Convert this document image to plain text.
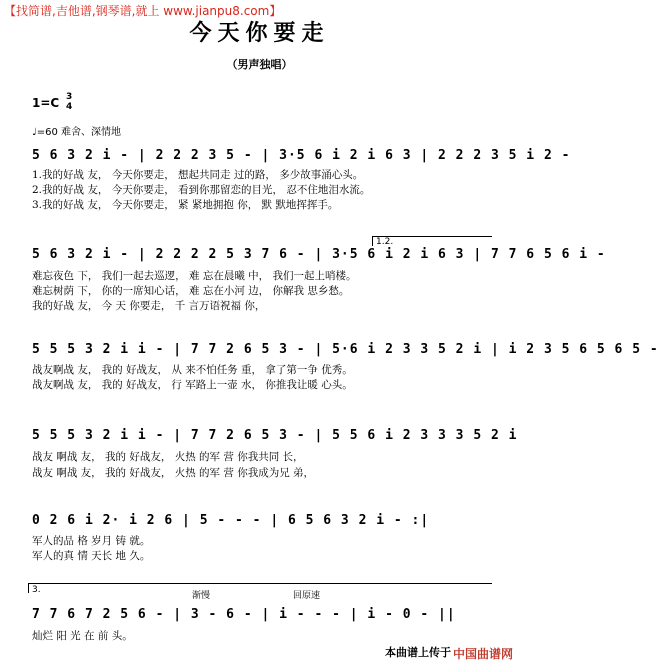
【找简谱,吉他谱,钢琴谱,就上 www.jianpu8.com】
今天你要走
（男声独唱）
1=C 3
4
♩=60 难舍、深情地
5 6 3 2 i - | 2 2 2 3 5 - | 3·5 6 i 2 i 6 3 | 2 2 2 3 5 i 2 -
1.我的好战 友， 今天你要走， 想起共同走 过的路， 多少故事涌心头。
2.我的好战 友， 今天你要走， 看到你那留恋的目光， 忍不住地泪水流。
3.我的好战 友， 今天你要走， 紧 紧地拥抱 你， 默 默地挥挥手。
1.2.
5 6 3 2 i - | 2 2 2 2 5 3 7 6 - | 3·5 6 i 2 i 6 3 | 7 7 6 5 6 i -
难忘夜色 下， 我们一起去巡逻， 难 忘在晨曦 中， 我们一起上哨楼。
难忘树荫 下， 你的一席知心话， 难 忘在小河 边， 你解我 思乡愁。
我的好战 友， 今 天 你要走， 千 言万语祝福 你，
5 5 5 3 2 i i - | 7 7 2 6 5 3 - | 5·6 i 2 3 3 5 2 i | i 2 3 5 6 5 6 5 -
战友啊战 友， 我的 好战友， 从 来不怕任务 重， 拿了第一争 优秀。
战友啊战 友， 我的 好战友， 行 军路上一壶 水， 你推我让暖 心头。
5 5 5 3 2 i i - | 7 7 2 6 5 3 - | 5 5 6 i 2 3 3 3 5 2 i
战友 啊战 友， 我的 好战友， 火热 的军 营 你我共同 长，
战友 啊战 友， 我的 好战友， 火热 的军 营 你我成为兄 弟，
0 2 6 i 2· i 2 6 | 5 - - - | 6 5 6 3 2 i - :|
军人的品 格 岁月 铸 就。
军人的真 情 天长 地 久。
3.
渐慢	回原速
7 7 6 7 2 5 6 - | 3 - 6 - | i - - - | i - 0 - ||
灿烂 阳 光 在 前 头。
本曲谱上传于 中国曲谱网
